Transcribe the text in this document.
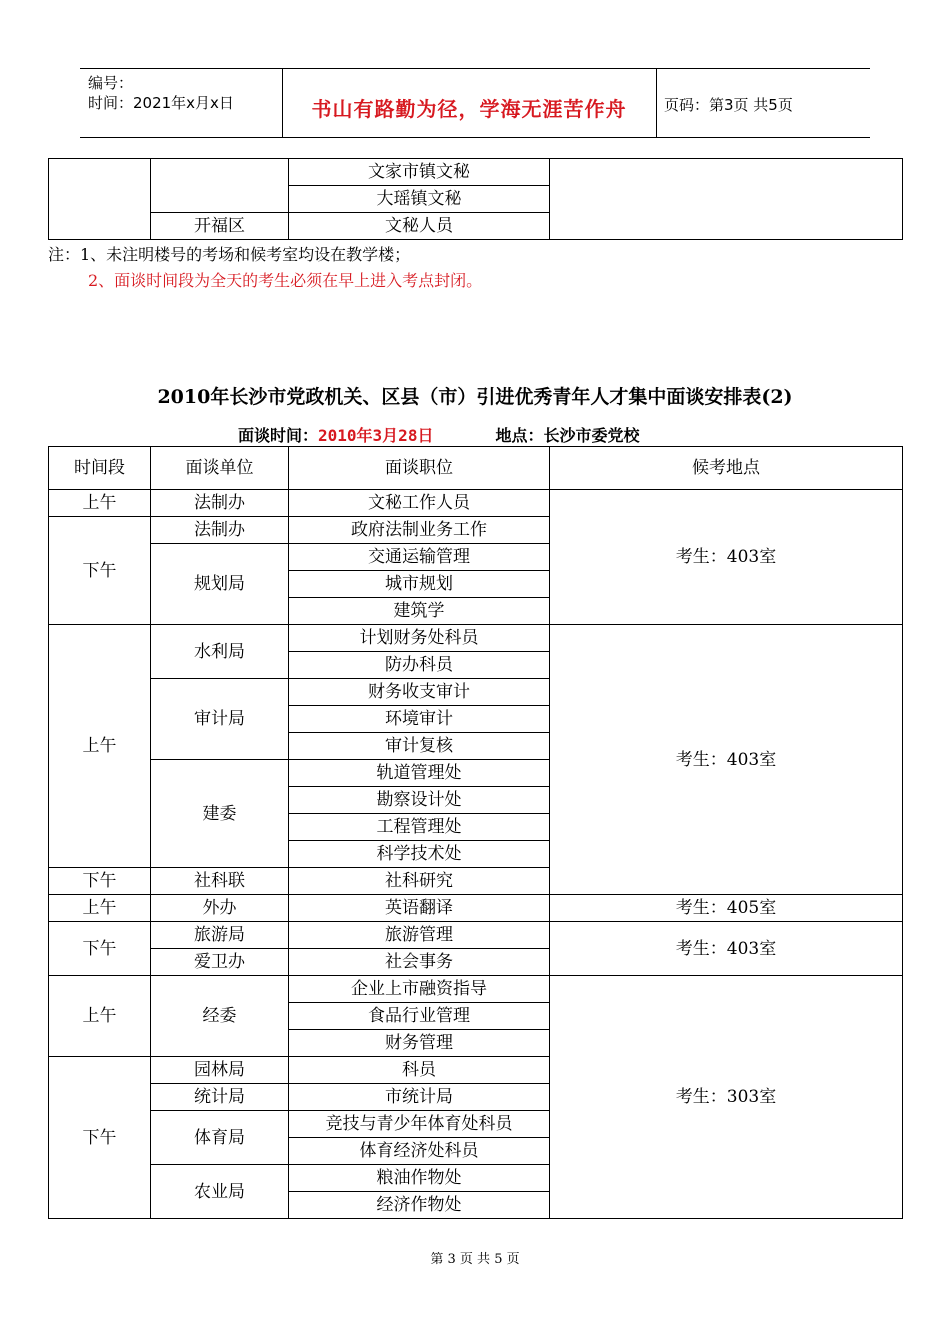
编号：
时间：2021年x月x日	书山有路勤为径，学海无涯苦作舟	页码：第3页 共5页
		文家市镇文秘	
		大瑶镇文秘	
	开福区	文秘人员	
注：1、未注明楼号的考场和候考室均设在教学楼；
2、面谈时间段为全天的考生必须在早上进入考点封闭。
2010年长沙市党政机关、区县（市）引进优秀青年人才集中面谈安排表(2)
面谈时间：2010年3月28日	地点：长沙市委党校
时间段	面谈单位	面谈职位	候考地点
上午	法制办	文秘工作人员	考生：403室
下午	法制办	政府法制业务工作	
	规划局	交通运输管理	
		城市规划	
		建筑学	
上午	水利局	计划财务处科员	考生：403室
		防办科员	
	审计局	财务收支审计	
		环境审计	
		审计复核	
	建委	轨道管理处	
		勘察设计处	
		工程管理处	
		科学技术处	
下午	社科联	社科研究	
上午	外办	英语翻译	考生：405室
下午	旅游局	旅游管理	考生：403室
	爱卫办	社会事务	
上午	经委	企业上市融资指导	考生：303室
		食品行业管理	
		财务管理	
下午	园林局	科员	
	统计局	市统计局	
	体育局	竞技与青少年体育处科员	
		体育经济处科员	
	农业局	粮油作物处	
		经济作物处	
第 3 页 共 5 页
